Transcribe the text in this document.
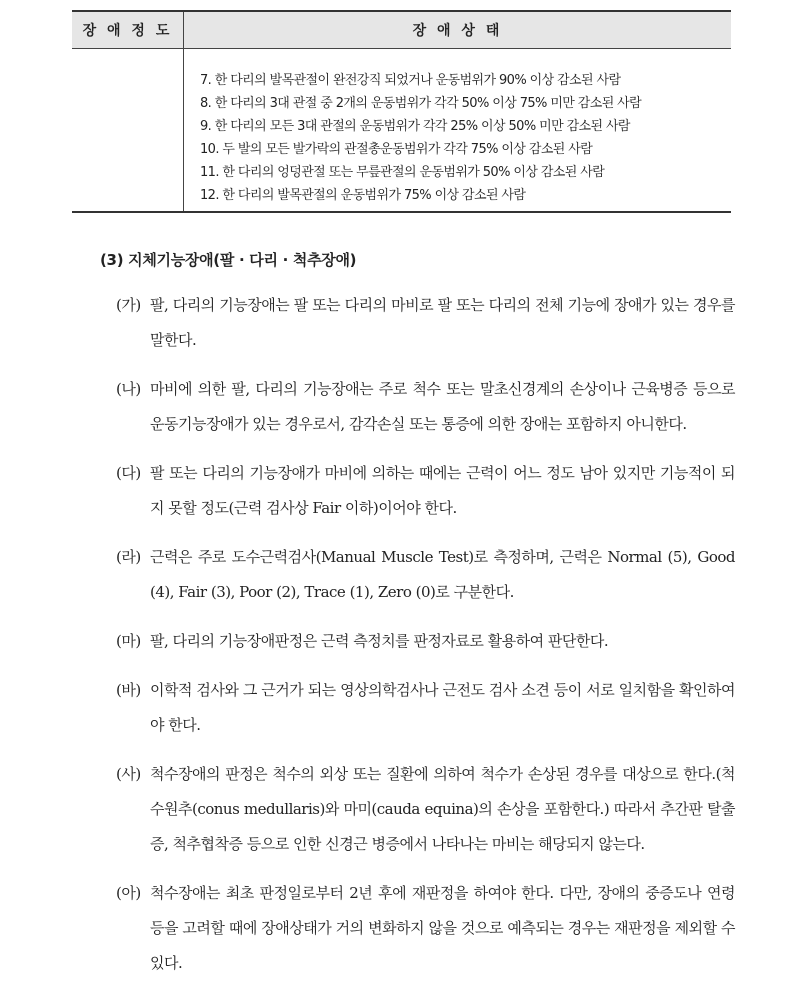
장 애 정 도	장 애 상 태
7. 한 다리의 발목관절이 완전강직 되었거나 운동범위가 90% 이상 감소된 사람
8. 한 다리의 3대 관절 중 2개의 운동범위가 각각 50% 이상 75% 미만 감소된 사람
9. 한 다리의 모든 3대 관절의 운동범위가 각각 25% 이상 50% 미만 감소된 사람
10. 두 발의 모든 발가락의 관절총운동범위가 각각 75% 이상 감소된 사람
11. 한 다리의 엉덩관절 또는 무릎관절의 운동범위가 50% 이상 감소된 사람
12. 한 다리의 발목관절의 운동범위가 75% 이상 감소된 사람
(3) 지체기능장애(팔 · 다리 · 척추장애)
(가) 팔, 다리의 기능장애는 팔 또는 다리의 마비로 팔 또는 다리의 전체 기능에 장애가 있는 경우를 말한다.
(나) 마비에 의한 팔, 다리의 기능장애는 주로 척수 또는 말초신경계의 손상이나 근육병증 등으로 운동기능장애가 있는 경우로서, 감각손실 또는 통증에 의한 장애는 포함하지 아니한다.
(다) 팔 또는 다리의 기능장애가 마비에 의하는 때에는 근력이 어느 정도 남아 있지만 기능적이 되지 못할 정도(근력 검사상 Fair 이하)이어야 한다.
(라) 근력은 주로 도수근력검사(Manual Muscle Test)로 측정하며, 근력은 Normal (5), Good (4), Fair (3), Poor (2), Trace (1), Zero (0)로 구분한다.
(마) 팔, 다리의 기능장애판정은 근력 측정치를 판정자료로 활용하여 판단한다.
(바) 이학적 검사와 그 근거가 되는 영상의학검사나 근전도 검사 소견 등이 서로 일치함을 확인하여야 한다.
(사) 척수장애의 판정은 척수의 외상 또는 질환에 의하여 척수가 손상된 경우를 대상으로 한다.(척수원추(conus medullaris)와 마미(cauda equina)의 손상을 포함한다.) 따라서 추간판 탈출증, 척추협착증 등으로 인한 신경근 병증에서 나타나는 마비는 해당되지 않는다.
(아) 척수장애는 최초 판정일로부터 2년 후에 재판정을 하여야 한다. 다만, 장애의 중증도나 연령 등을 고려할 때에 장애상태가 거의 변화하지 않을 것으로 예측되는 경우는 재판정을 제외할 수 있다.
